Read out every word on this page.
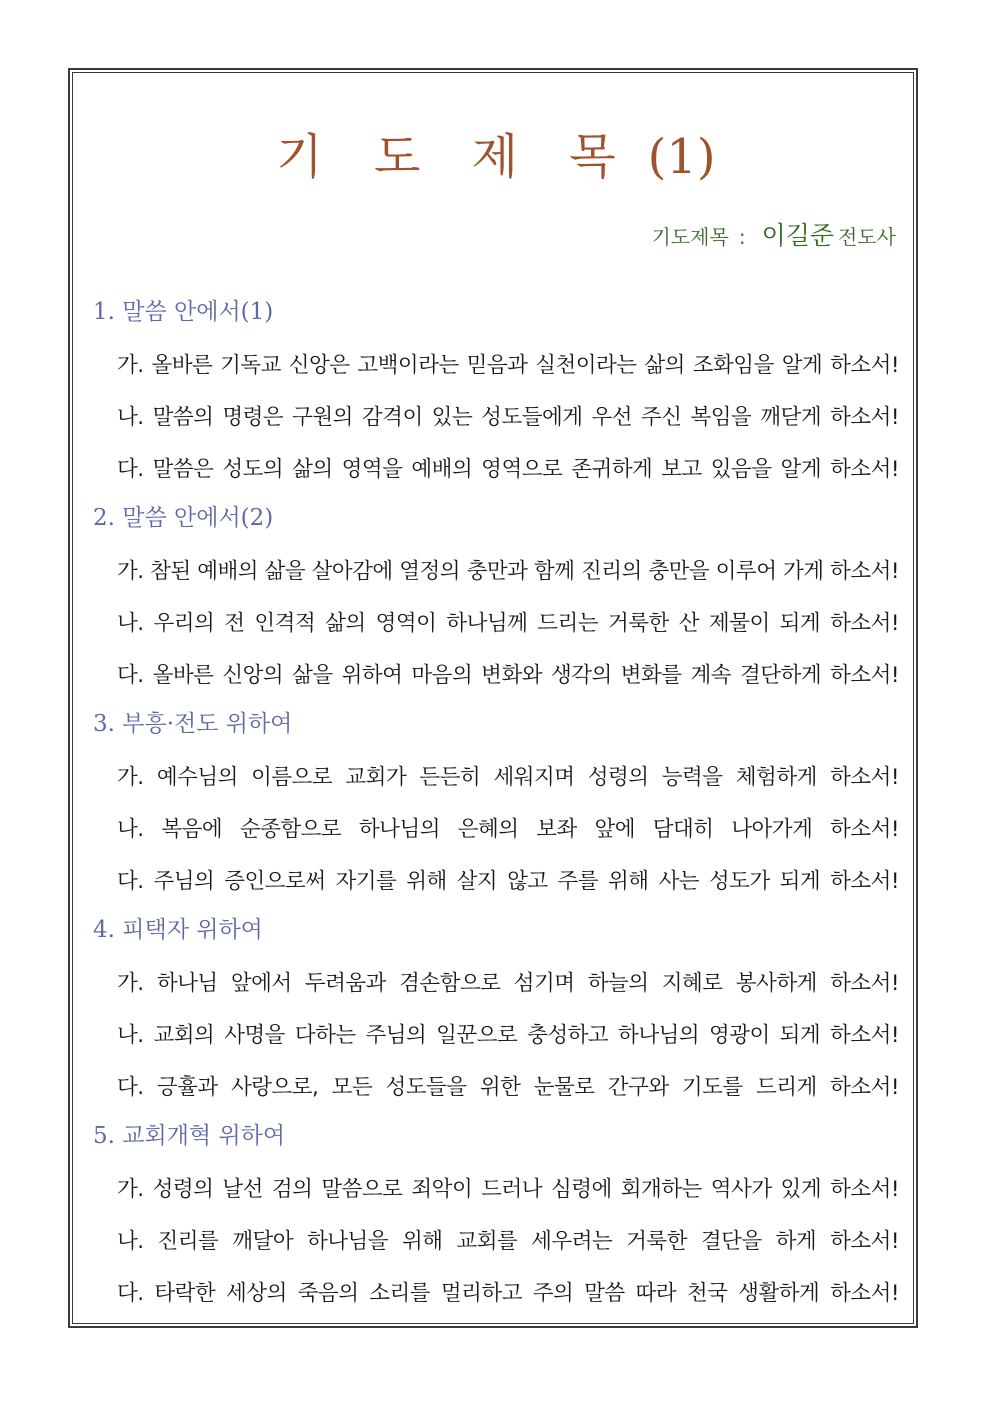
기 도 제 목 (1)
기도제목 : 이길준 전도사
1. 말씀 안에서(1)
가. 올바른 기독교 신앙은 고백이라는 믿음과 실천이라는 삶의 조화임을 알게 하소서!
나. 말씀의 명령은 구원의 감격이 있는 성도들에게 우선 주신 복임을 깨닫게 하소서!
다. 말씀은 성도의 삶의 영역을 예배의 영역으로 존귀하게 보고 있음을 알게 하소서!
2. 말씀 안에서(2)
가. 참된 예배의 삶을 살아감에 열정의 충만과 함께 진리의 충만을 이루어 가게 하소서!
나. 우리의 전 인격적 삶의 영역이 하나님께 드리는 거룩한 산 제물이 되게 하소서!
다. 올바른 신앙의 삶을 위하여 마음의 변화와 생각의 변화를 계속 결단하게 하소서!
3. 부흥·전도 위하여
가. 예수님의 이름으로 교회가 든든히 세워지며 성령의 능력을 체험하게 하소서!
나. 복음에 순종함으로 하나님의 은혜의 보좌 앞에 담대히 나아가게 하소서!
다. 주님의 증인으로써 자기를 위해 살지 않고 주를 위해 사는 성도가 되게 하소서!
4. 피택자 위하여
가. 하나님 앞에서 두려움과 겸손함으로 섬기며 하늘의 지혜로 봉사하게 하소서!
나. 교회의 사명을 다하는 주님의 일꾼으로 충성하고 하나님의 영광이 되게 하소서!
다. 긍휼과 사랑으로, 모든 성도들을 위한 눈물로 간구와 기도를 드리게 하소서!
5. 교회개혁 위하여
가. 성령의 날선 검의 말씀으로 죄악이 드러나 심령에 회개하는 역사가 있게 하소서!
나. 진리를 깨달아 하나님을 위해 교회를 세우려는 거룩한 결단을 하게 하소서!
다. 타락한 세상의 죽음의 소리를 멀리하고 주의 말씀 따라 천국 생활하게 하소서!
